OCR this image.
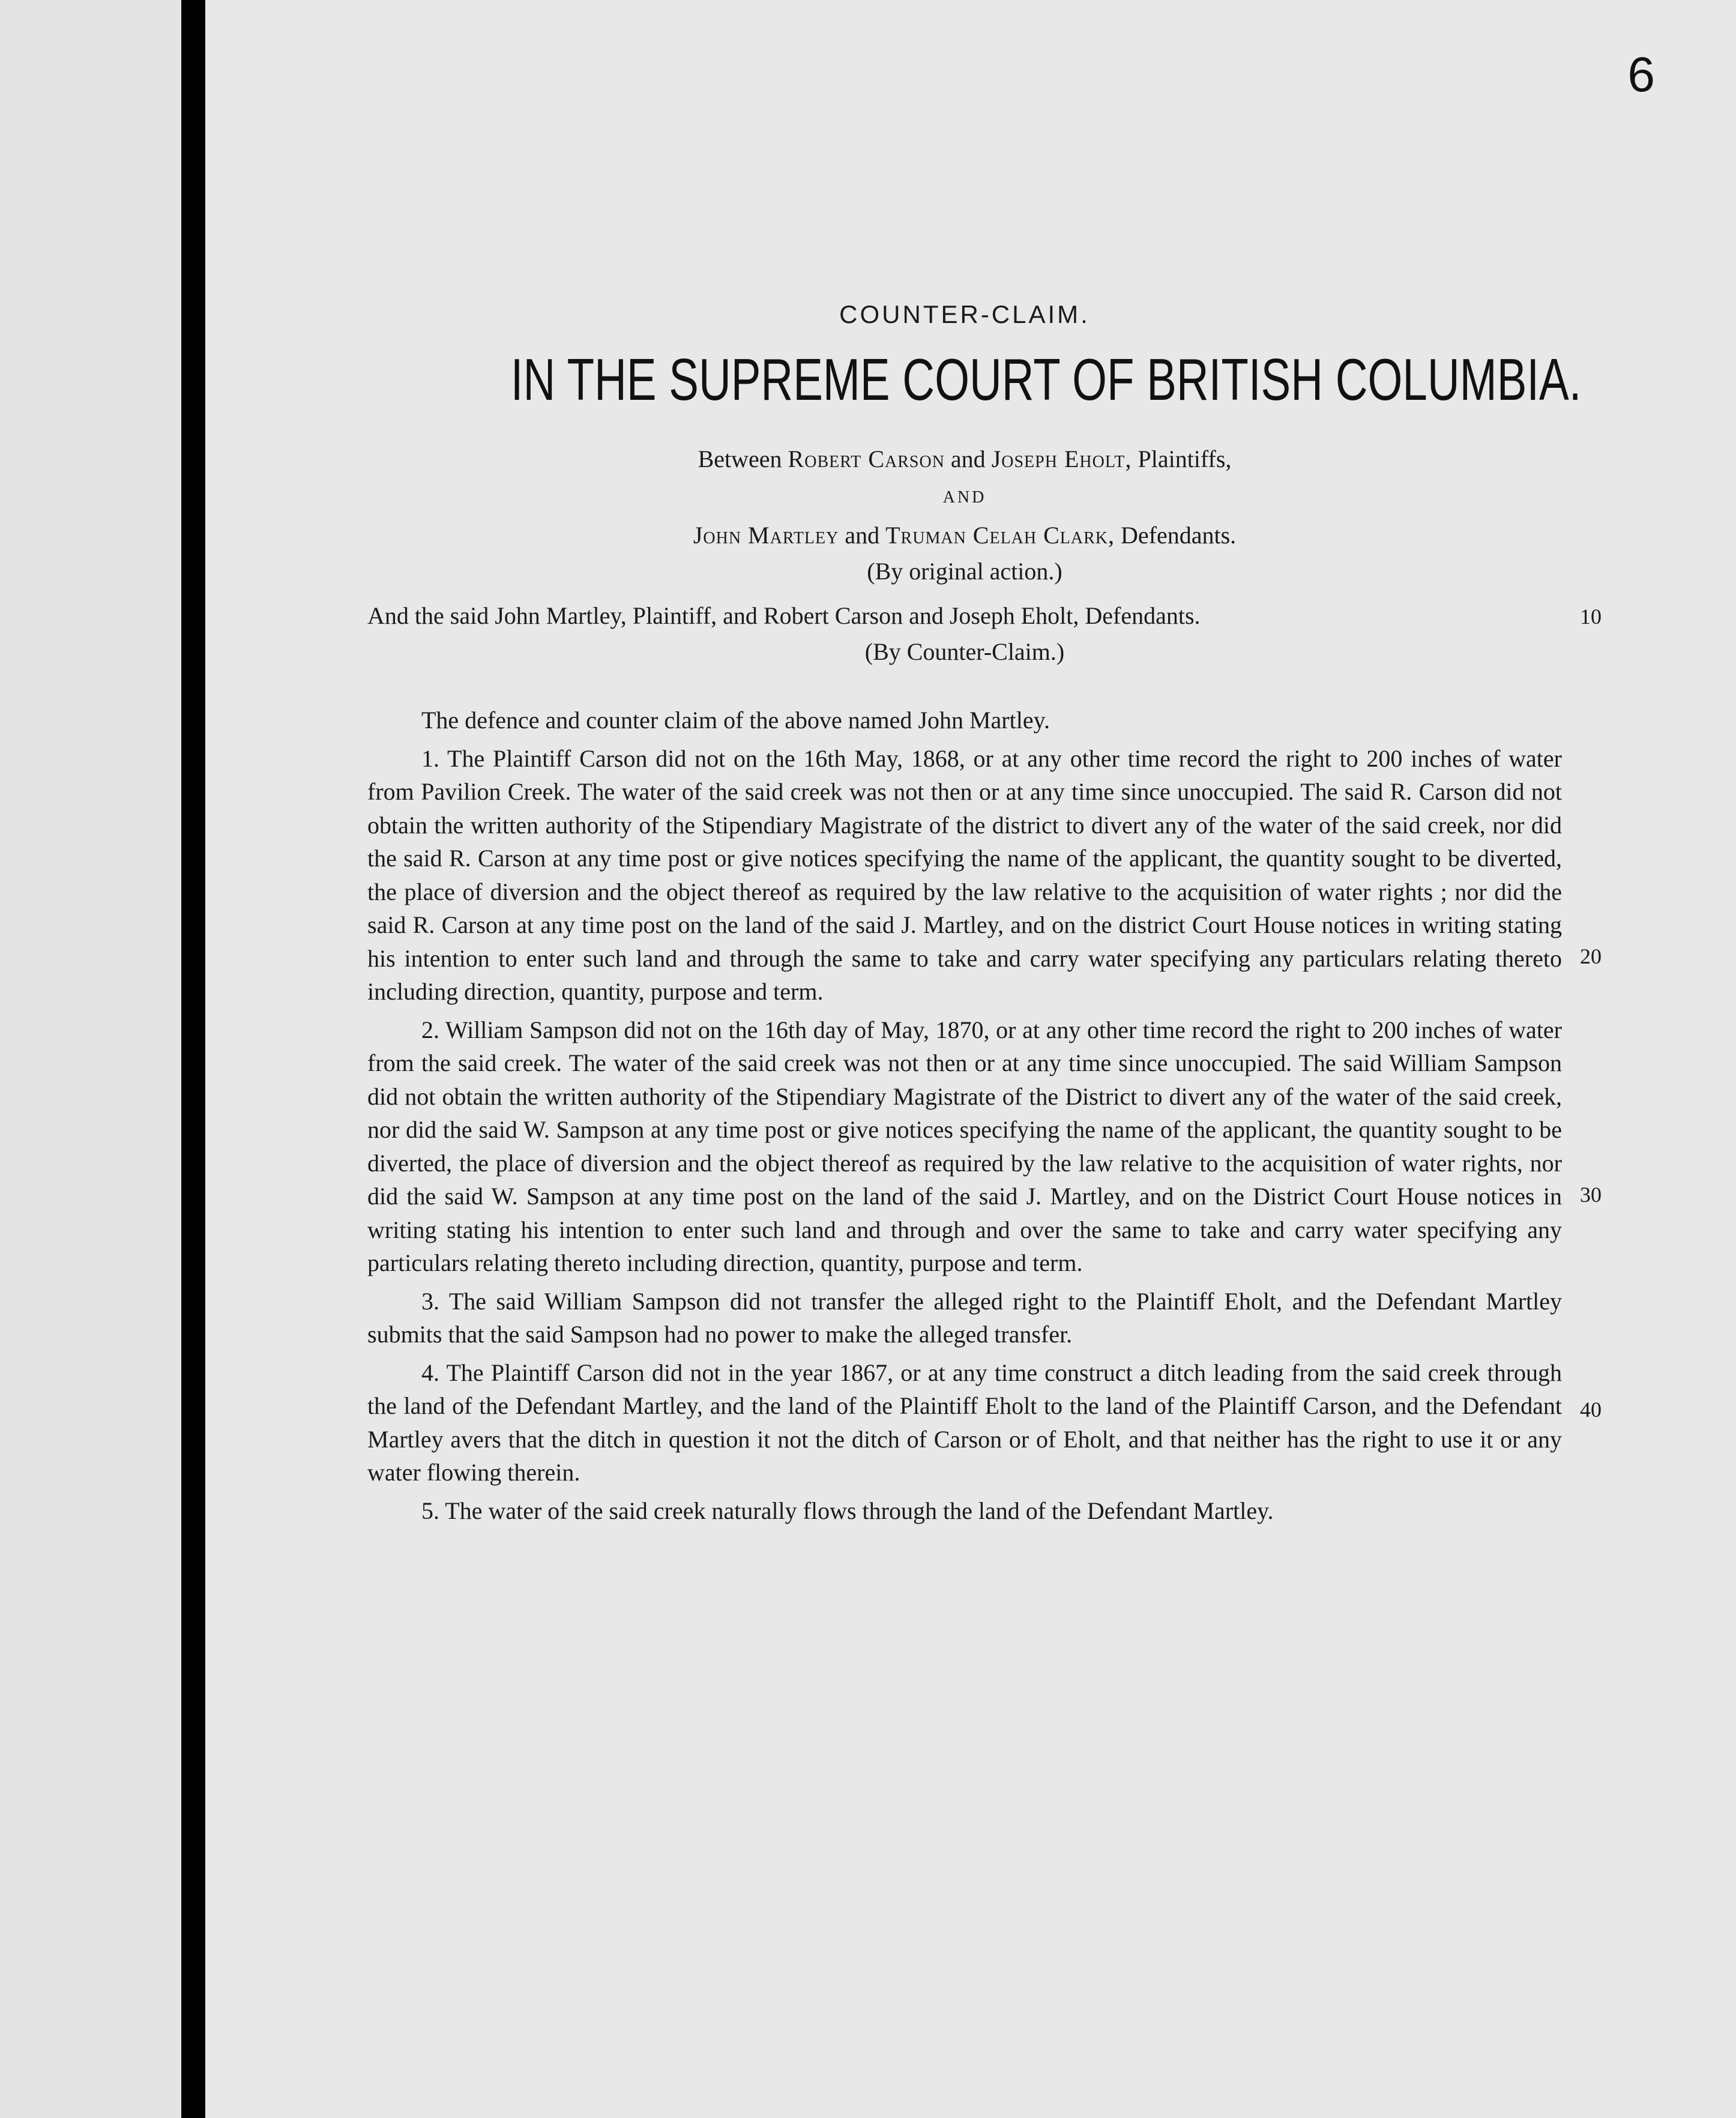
6

COUNTER-CLAIM.

IN THE SUPREME COURT OF BRITISH COLUMBIA.

Between Robert Carson and Joseph Eholt, Plaintiffs,

AND

John Martley and Truman Celah Clark, Defendants.

(By original action.)

And the said John Martley, Plaintiff, and Robert Carson and Joseph Eholt, Defendants.	10

(By Counter-Claim.)

The defence and counter claim of the above named John Martley.

1. The Plaintiff Carson did not on the 16th May, 1868, or at any other time record the right to 200 inches of water from Pavilion Creek. The water of the said creek was not then or at any time since unoccupied. The said R. Carson did not obtain the written authority of the Stipendiary Magistrate of the district to divert any of the water of the said creek, nor did the said R. Carson at any time post or give notices specifying the name of the applicant, the quantity sought to be diverted, the place of diversion and the object thereof as required by the law relative to the acquisition of water rights ; nor did the said R. Carson at any time post on the land of the said J. Martley, and on the district Court House notices in writing stating his intention to enter such land and through the same to take and carry water specifying any particulars relating thereto including direction, quantity, purpose and term.
20

2. William Sampson did not on the 16th day of May, 1870, or at any other time record the right to 200 inches of water from the said creek. The water of the said creek was not then or at any time since unoccupied. The said William Sampson did not obtain the written authority of the Stipendiary Magistrate of the District to divert any of the water of the said creek, nor did the said W. Sampson at any time post or give notices specifying the name of the applicant, the quantity sought to be diverted, the place of diversion and the object thereof as required by the law relative to the acquisition of water rights, nor did the said W. Sampson at any time post on the land of the said J. Martley, and on the District Court House notices in writing stating his intention to enter such land and through and over the same to take and carry water specifying any particulars relating thereto including direction, quantity, purpose and term.
30

3. The said William Sampson did not transfer the alleged right to the Plaintiff Eholt, and the Defendant Martley submits that the said Sampson had no power to make the alleged transfer.

4. The Plaintiff Carson did not in the year 1867, or at any time construct a ditch leading from the said creek through the land of the Defendant Martley, and the land of the Plaintiff Eholt to the land of the Plaintiff Carson, and the Defendant Martley avers that the ditch in question it not the ditch of Carson or of Eholt, and that neither has the right to use it or any water flowing therein.
40

5. The water of the said creek naturally flows through the land of the Defendant Martley.
